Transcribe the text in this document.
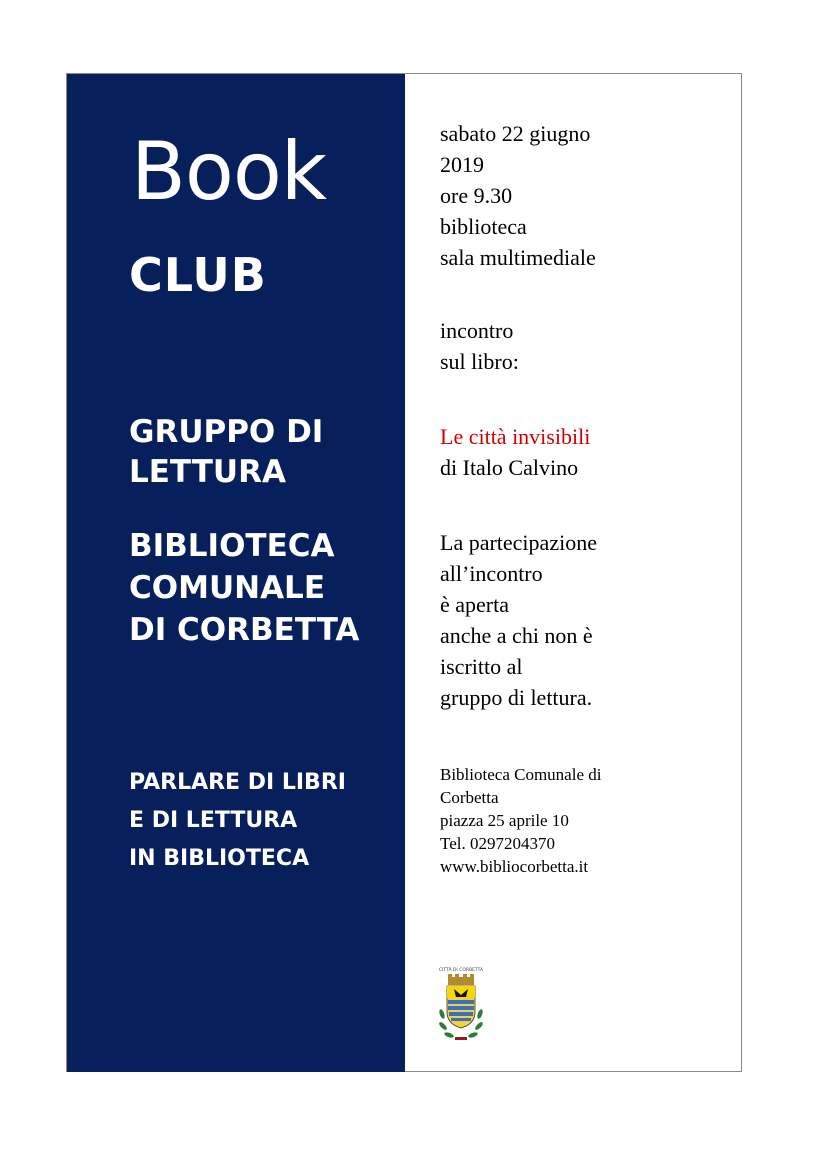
Book
CLUB
GRUPPO DI
LETTURA
BIBLIOTECA
COMUNALE
DI CORBETTA
PARLARE DI LIBRI
E DI LETTURA
IN BIBLIOTECA
sabato 22 giugno
2019
ore 9.30
biblioteca
sala multimediale
incontro
sul libro:
Le città invisibili
di Italo Calvino
La partecipazione
all’incontro
è aperta
anche a chi non è
iscritto al
gruppo di lettura.
Biblioteca Comunale di
Corbetta
piazza 25 aprile 10
Tel. 0297204370
www.bibliocorbetta.it
CITTÀ DI CORBETTA
